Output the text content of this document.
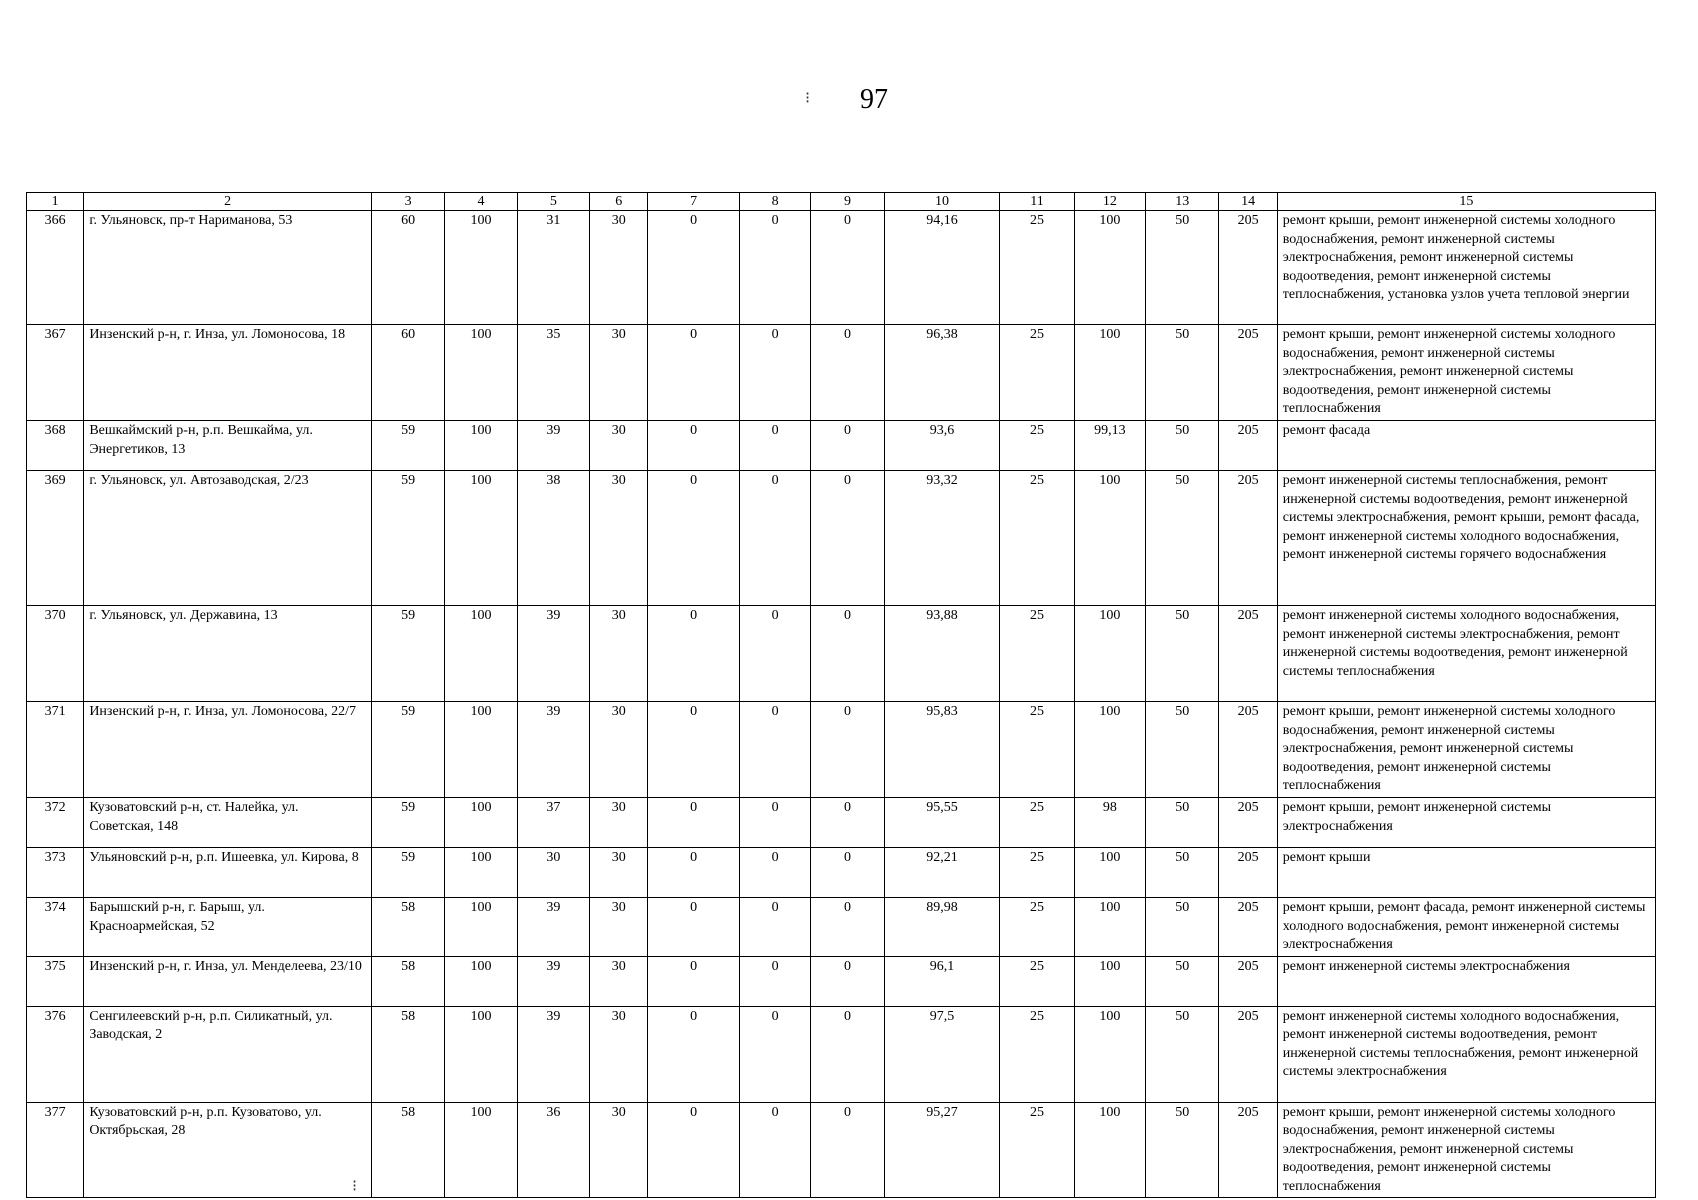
⁝	97
1	2	3	4	5	6	7	8	9	10	11	12	13	14	15
366	г. Ульяновск, пр-т Нариманова, 53	60	100	31	30	0	0	0	94,16	25	100	50	205	ремонт крыши, ремонт инженерной системы холодного водоснабжения, ремонт инженерной системы электроснабжения, ремонт инженерной системы водоотведения, ремонт инженерной системы теплоснабжения, установка узлов учета тепловой энергии
367	Инзенский р-н, г. Инза, ул. Ломоносова, 18	60	100	35	30	0	0	0	96,38	25	100	50	205	ремонт крыши, ремонт инженерной системы холодного водоснабжения, ремонт инженерной системы электроснабжения, ремонт инженерной системы водоотведения, ремонт инженерной системы теплоснабжения
368	Вешкаймский р-н, р.п. Вешкайма, ул. Энергетиков, 13	59	100	39	30	0	0	0	93,6	25	99,13	50	205	ремонт фасада
369	г. Ульяновск, ул. Автозаводская, 2/23	59	100	38	30	0	0	0	93,32	25	100	50	205	ремонт инженерной системы теплоснабжения, ремонт инженерной системы водоотведения, ремонт инженерной системы электроснабжения, ремонт крыши, ремонт фасада, ремонт инженерной системы холодного водоснабжения, ремонт инженерной системы горячего водоснабжения
370	г. Ульяновск, ул. Державина, 13	59	100	39	30	0	0	0	93,88	25	100	50	205	ремонт инженерной системы холодного водоснабжения, ремонт инженерной системы электроснабжения, ремонт инженерной системы водоотведения, ремонт инженерной системы теплоснабжения
371	Инзенский р-н, г. Инза, ул. Ломоносова, 22/7	59	100	39	30	0	0	0	95,83	25	100	50	205	ремонт крыши, ремонт инженерной системы холодного водоснабжения, ремонт инженерной системы электроснабжения, ремонт инженерной системы водоотведения, ремонт инженерной системы теплоснабжения
372	Кузоватовский р-н, ст. Налейка, ул. Советская, 148	59	100	37	30	0	0	0	95,55	25	98	50	205	ремонт крыши, ремонт инженерной системы электроснабжения
373	Ульяновский р-н, р.п. Ишеевка, ул. Кирова, 8	59	100	30	30	0	0	0	92,21	25	100	50	205	ремонт крыши
374	Барышский р-н, г. Барыш, ул. Красноармейская, 52	58	100	39	30	0	0	0	89,98	25	100	50	205	ремонт крыши, ремонт фасада, ремонт инженерной системы холодного водоснабжения, ремонт инженерной системы электроснабжения
375	Инзенский р-н, г. Инза, ул. Менделеева, 23/10	58	100	39	30	0	0	0	96,1	25	100	50	205	ремонт инженерной системы электроснабжения
376	Сенгилеевский р-н, р.п. Силикатный, ул. Заводская, 2	58	100	39	30	0	0	0	97,5	25	100	50	205	ремонт инженерной системы холодного водоснабжения, ремонт инженерной системы водоотведения, ремонт инженерной системы теплоснабжения, ремонт инженерной системы электроснабжения
377	Кузоватовский р-н, р.п. Кузоватово, ул. Октябрьская, 28	58	100	36	30	0	0	0	95,27	25	100	50	205	ремонт крыши, ремонт инженерной системы холодного водоснабжения, ремонт инженерной системы электроснабжения, ремонт инженерной системы водоотведения, ремонт инженерной системы теплоснабжения
⁝
